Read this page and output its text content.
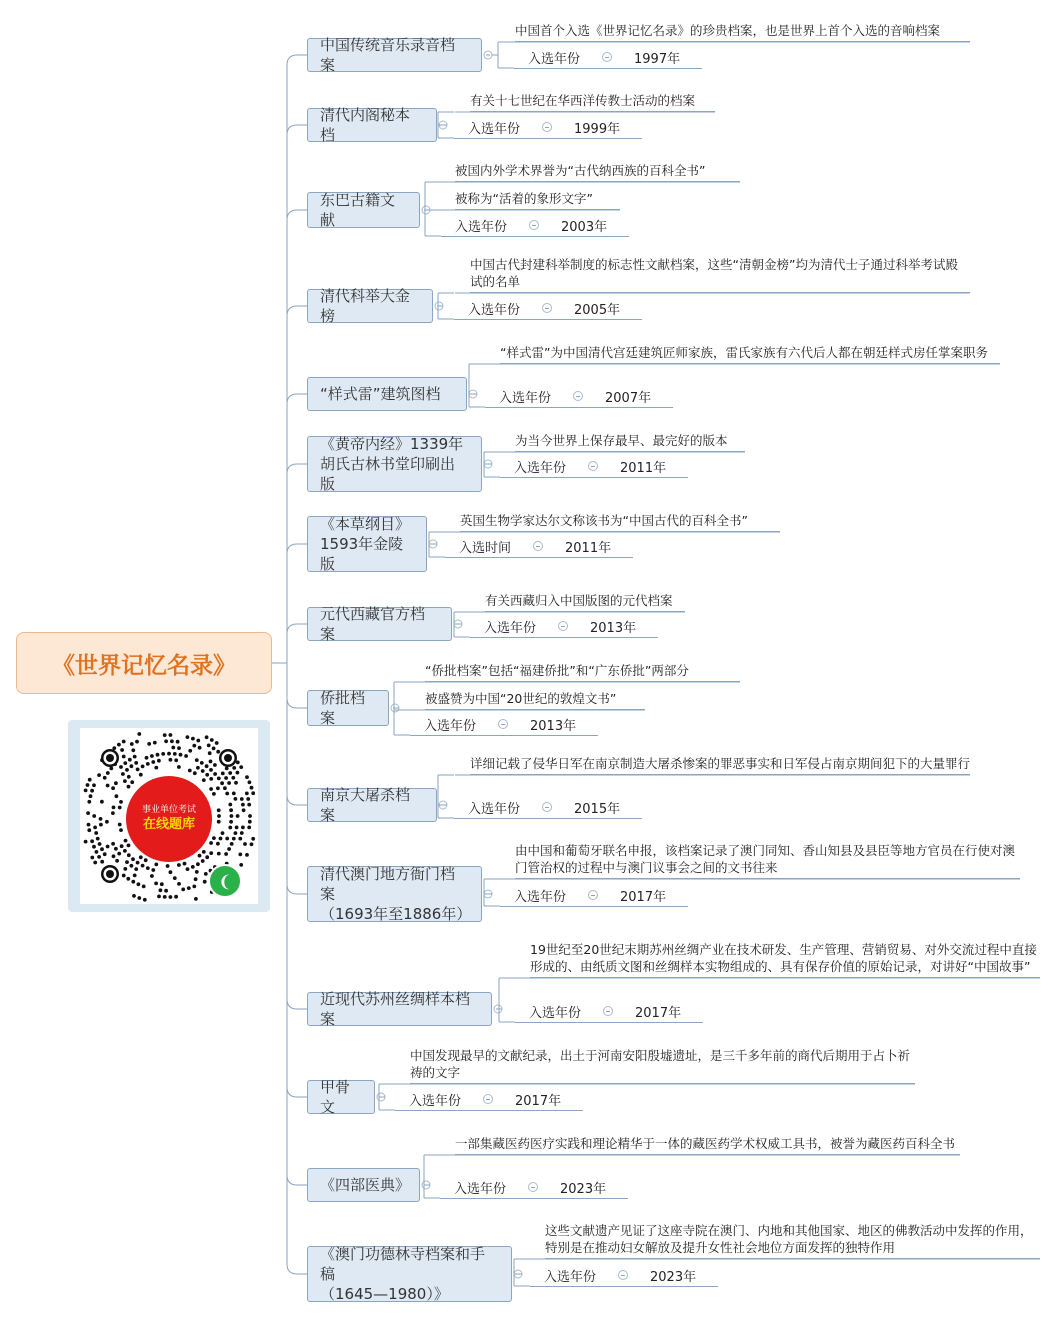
《世界记忆名录》
事业单位考试
在线题库
❨
中国传统音乐录音档案
中国首个入选《世界记忆名录》的珍贵档案，也是世界上首个入选的音响档案
入选年份	1997年
清代内阁秘本档
有关十七世纪在华西洋传教士活动的档案
入选年份	1999年
东巴古籍文献
被国内外学术界誉为“古代纳西族的百科全书”
被称为“活着的象形文字”
入选年份	2003年
清代科举大金榜
中国古代封建科举制度的标志性文献档案，这些“清朝金榜”均为清代士子通过科举考试殿试的名单
入选年份	2005年
“样式雷”建筑图档
“样式雷”为中国清代宫廷建筑匠师家族，雷氏家族有六代后人都在朝廷样式房任掌案职务
入选年份	2007年
《黄帝内经》1339年
胡氏古林书堂印刷出版
为当今世界上保存最早、最完好的版本
入选年份	2011年
《本草纲目》
1593年金陵版
英国生物学家达尔文称该书为“中国古代的百科全书”
入选时间	2011年
元代西藏官方档案
有关西藏归入中国版图的元代档案
入选年份	2013年
侨批档案
“侨批档案”包括“福建侨批”和“广东侨批”两部分
被盛赞为中国“20世纪的敦煌文书”
入选年份	2013年
南京大屠杀档案
详细记载了侵华日军在南京制造大屠杀惨案的罪恶事实和日军侵占南京期间犯下的大量罪行
入选年份	2015年
清代澳门地方衙门档案
（1693年至1886年）
由中国和葡萄牙联名申报，该档案记录了澳门同知、香山知县及县臣等地方官员在行使对澳门管治权的过程中与澳门议事会之间的文书往来
入选年份	2017年
近现代苏州丝绸样本档案
19世纪至20世纪末期苏州丝绸产业在技术研发、生产管理、营销贸易、对外交流过程中直接形成的、由纸质文图和丝绸样本实物组成的、具有保存价值的原始记录，对讲好“中国故事”
入选年份	2017年
甲骨文
中国发现最早的文献纪录，出土于河南安阳殷墟遗址，是三千多年前的商代后期用于占卜祈祷的文字
入选年份	2017年
《四部医典》
一部集藏医药医疗实践和理论精华于一体的藏医药学术权威工具书，被誉为藏医药百科全书
入选年份	2023年
《澳门功德林寺档案和手稿
（1645—1980）》
这些文献遗产见证了这座寺院在澳门、内地和其他国家、地区的佛教活动中发挥的作用，特别是在推动妇女解放及提升女性社会地位方面发挥的独特作用
入选年份	2023年
